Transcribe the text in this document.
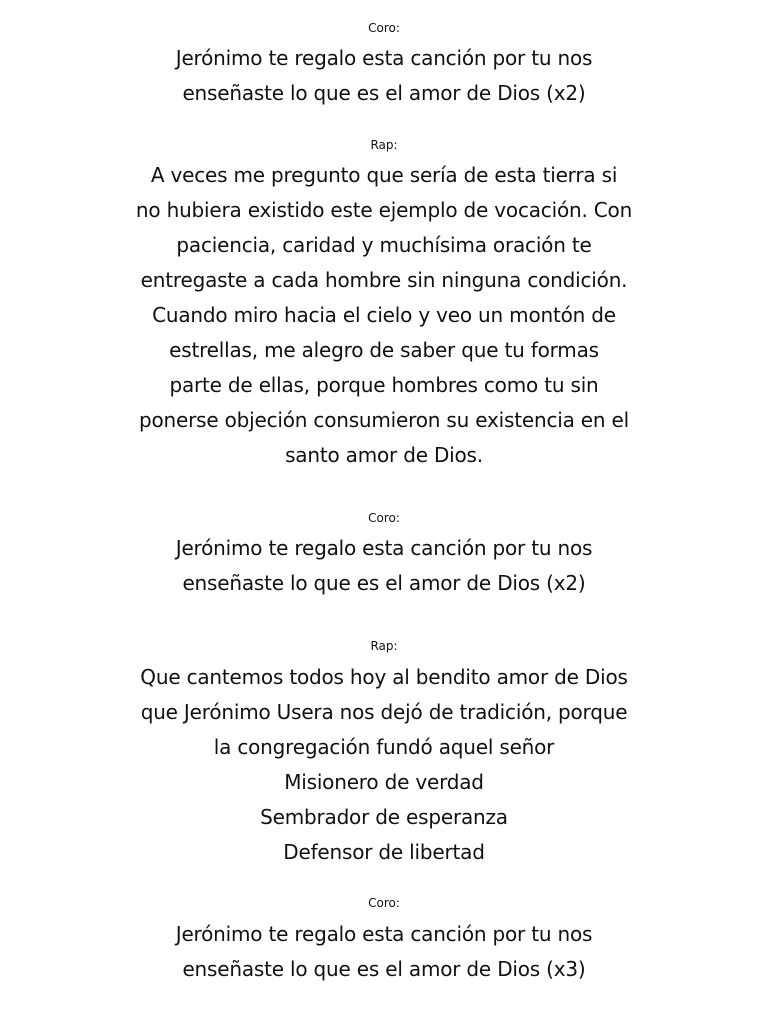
Coro:
Jerónimo te regalo esta canción por tu nos
enseñaste lo que es el amor de Dios (x2)
Rap:
A veces me pregunto que sería de esta tierra si
no hubiera existido este ejemplo de vocación. Con
paciencia, caridad y muchísima oración te
entregaste a cada hombre sin ninguna condición.
Cuando miro hacia el cielo y veo un montón de
estrellas, me alegro de saber que tu formas
parte de ellas, porque hombres como tu sin
ponerse objeción consumieron su existencia en el
santo amor de Dios.
Coro:
Jerónimo te regalo esta canción por tu nos
enseñaste lo que es el amor de Dios (x2)
Rap:
Que cantemos todos hoy al bendito amor de Dios
que Jerónimo Usera nos dejó de tradición, porque
la congregación fundó aquel señor
Misionero de verdad
Sembrador de esperanza
Defensor de libertad
Coro:
Jerónimo te regalo esta canción por tu nos
enseñaste lo que es el amor de Dios (x3)
